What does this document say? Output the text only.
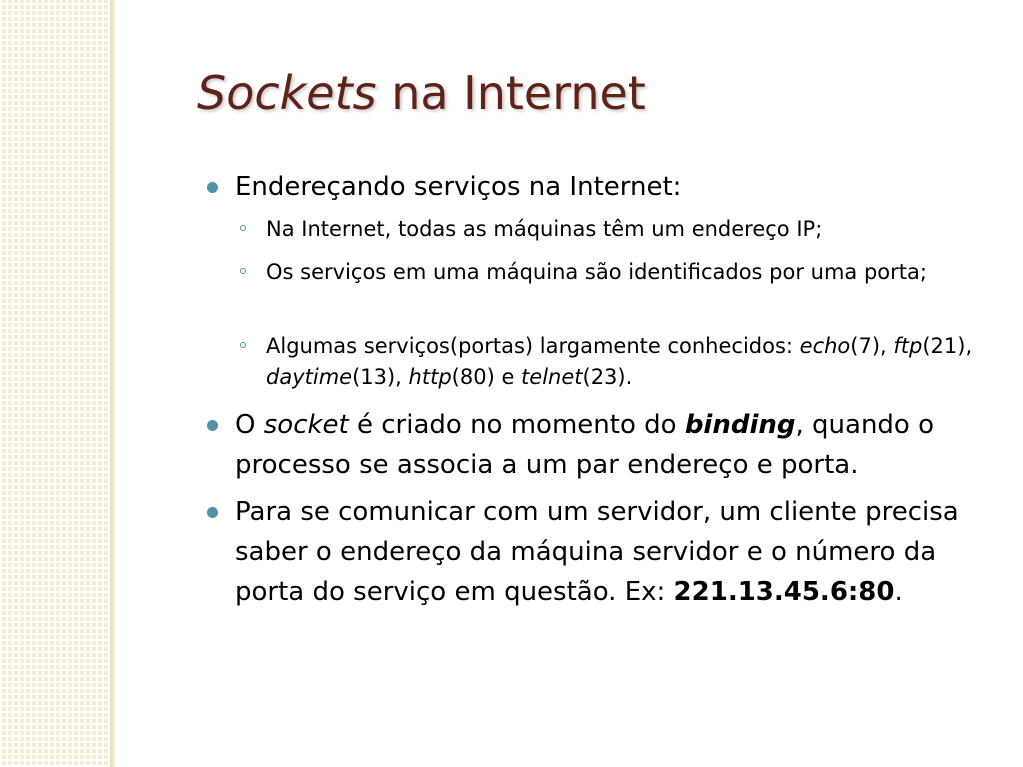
Sockets na Internet

Endereçando serviços na Internet:

Na Internet, todas as máquinas têm um endereço IP;

Os serviços em uma máquina são identificados por uma porta;

Algumas serviços(portas) largamente conhecidos: echo(7), ftp(21), daytime(13), http(80) e telnet(23).

O socket é criado no momento do binding, quando o processo se associa a um par endereço e porta.

Para se comunicar com um servidor, um cliente precisa saber o endereço da máquina servidor e o número da porta do serviço em questão. Ex: 221.13.45.6:80.
